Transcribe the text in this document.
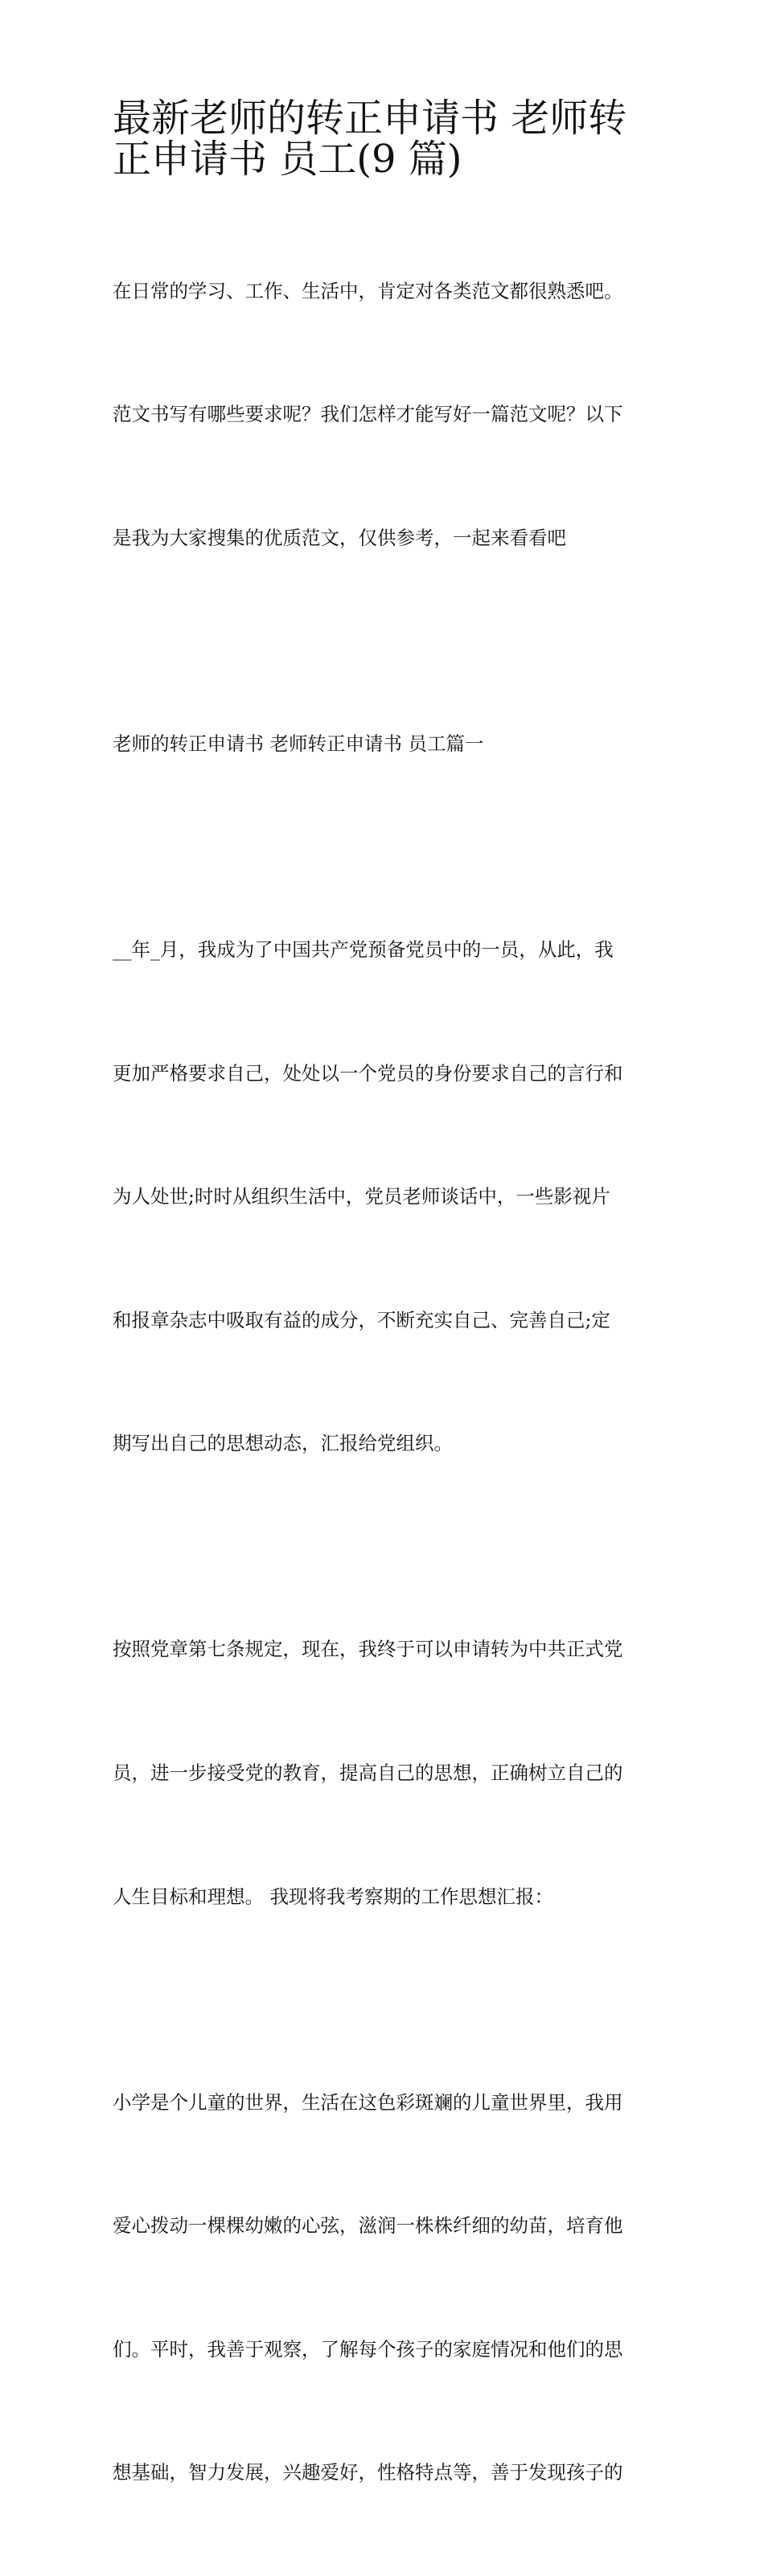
最新老师的转正申请书 老师转
正申请书 员工(9 篇)

在日常的学习、工作、生活中，肯定对各类范文都很熟悉吧。

范文书写有哪些要求呢？我们怎样才能写好一篇范文呢？以下

是我为大家搜集的优质范文，仅供参考，一起来看看吧

老师的转正申请书 老师转正申请书 员工篇一

__年_月，我成为了中国共产党预备党员中的一员，从此，我

更加严格要求自己，处处以一个党员的身份要求自己的言行和

为人处世;时时从组织生活中，党员老师谈话中，一些影视片

和报章杂志中吸取有益的成分，不断充实自己、完善自己;定

期写出自己的思想动态，汇报给党组织。

按照党章第七条规定，现在，我终于可以申请转为中共正式党

员，进一步接受党的教育，提高自己的思想，正确树立自己的

人生目标和理想。 我现将我考察期的工作思想汇报：

小学是个儿童的世界，生活在这色彩斑斓的儿童世界里，我用

爱心拨动一棵棵幼嫩的心弦，滋润一株株纤细的幼苗，培育他

们。平时，我善于观察，了解每个孩子的家庭情况和他们的思

想基础，智力发展，兴趣爱好，性格特点等，善于发现孩子的
